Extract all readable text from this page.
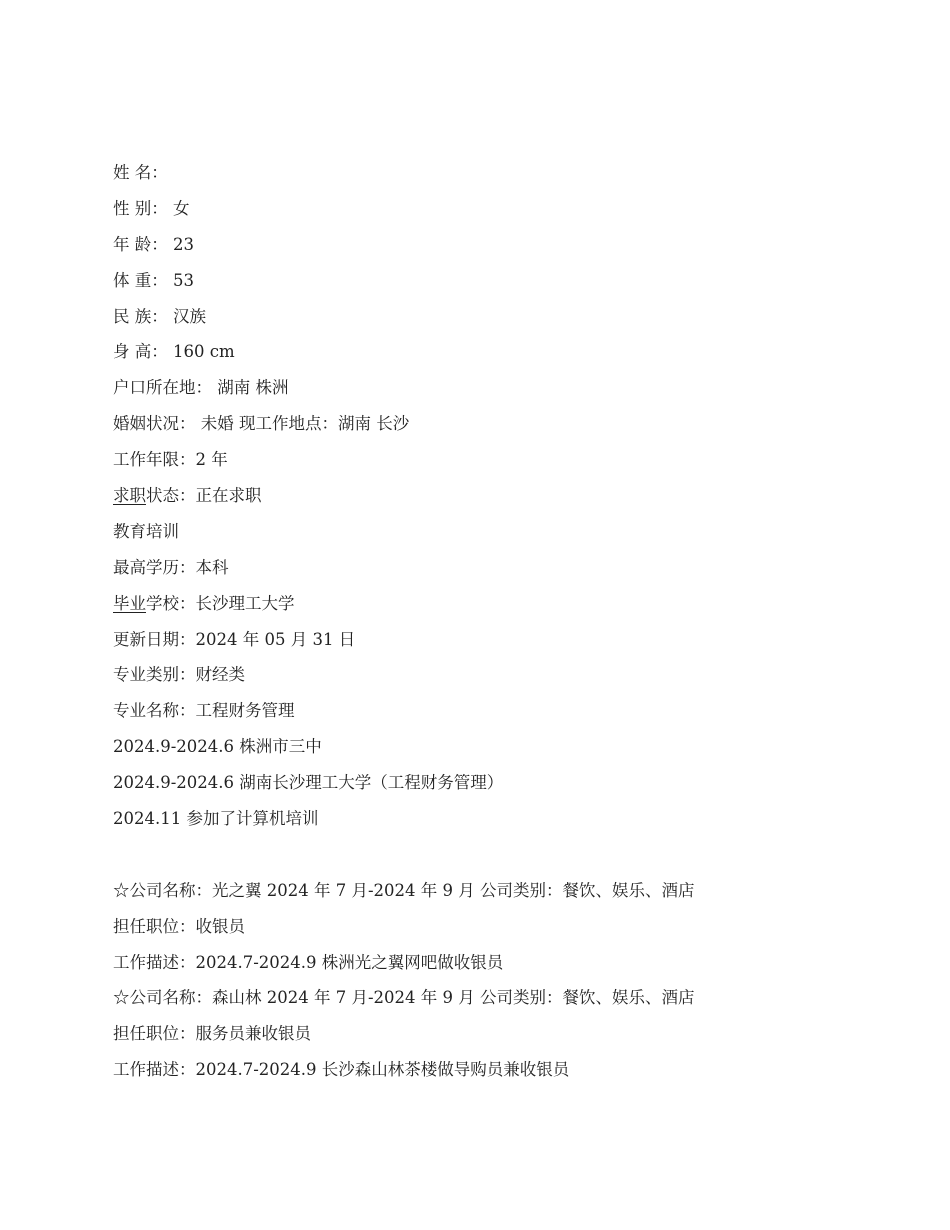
姓 名：
性 别： 女
年 龄： 23
体 重： 53
民 族： 汉族
身 高： 160 cm
户口所在地： 湖南 株洲
婚姻状况： 未婚 现工作地点：湖南 长沙
工作年限：2 年
求职状态：正在求职
教育培训
最高学历：本科
毕业学校：长沙理工大学
更新日期：2024 年 05 月 31 日
专业类别：财经类
专业名称：工程财务管理
2024.9-2024.6 株洲市三中
2024.9-2024.6 湖南长沙理工大学（工程财务管理）
2024.11 参加了计算机培训
☆公司名称：光之翼 2024 年 7 月-2024 年 9 月 公司类别：餐饮、娱乐、酒店
担任职位：收银员
工作描述：2024.7-2024.9 株洲光之翼网吧做收银员
☆公司名称：森山林 2024 年 7 月-2024 年 9 月 公司类别：餐饮、娱乐、酒店
担任职位：服务员兼收银员
工作描述：2024.7-2024.9 长沙森山林茶楼做导购员兼收银员
